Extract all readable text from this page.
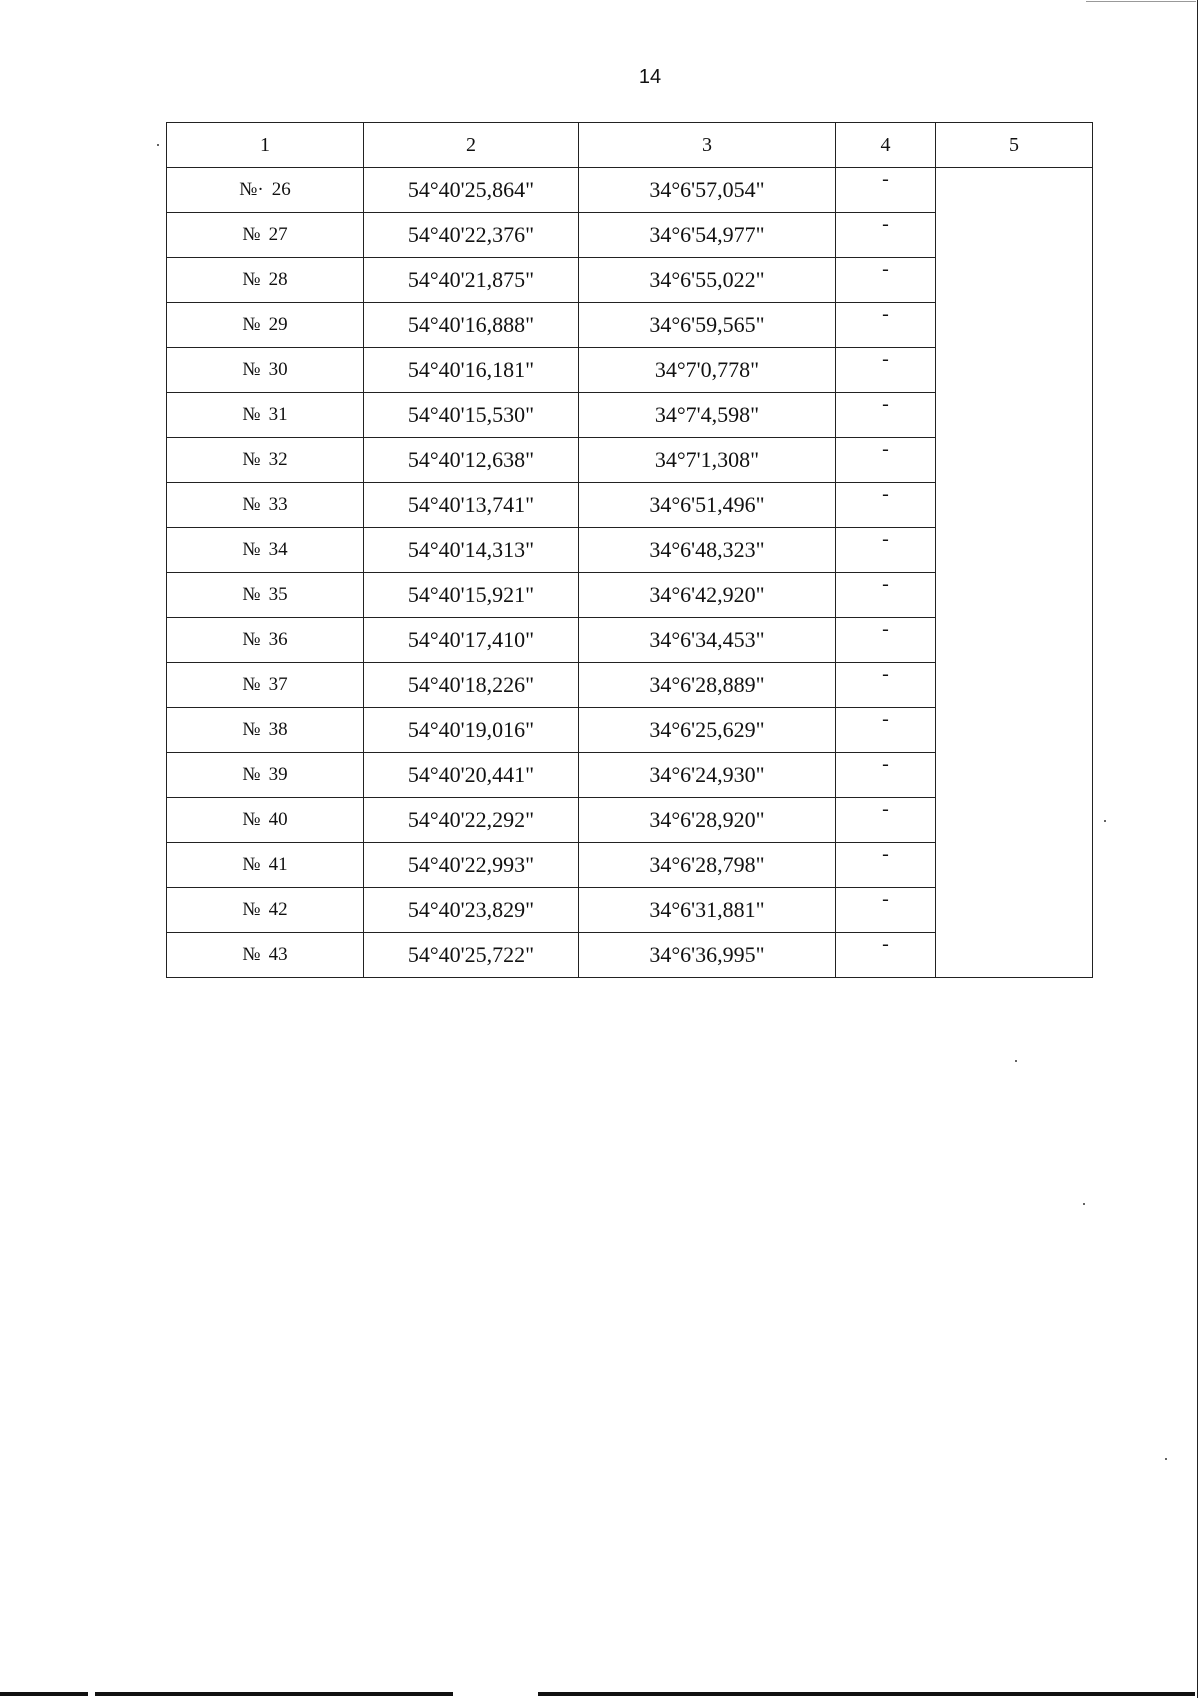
14
1	2	3	4	5
№· 26	54°40'25,864"	34°6'57,054"	-	
№ 27	54°40'22,376"	34°6'54,977"	-	
№ 28	54°40'21,875"	34°6'55,022"	-	
№ 29	54°40'16,888"	34°6'59,565"	-	
№ 30	54°40'16,181"	34°7'0,778"	-	
№ 31	54°40'15,530"	34°7'4,598"	-	
№ 32	54°40'12,638"	34°7'1,308"	-	
№ 33	54°40'13,741"	34°6'51,496"	-	
№ 34	54°40'14,313"	34°6'48,323"	-	
№ 35	54°40'15,921"	34°6'42,920"	-	
№ 36	54°40'17,410"	34°6'34,453"	-	
№ 37	54°40'18,226"	34°6'28,889"	-	
№ 38	54°40'19,016"	34°6'25,629"	-	
№ 39	54°40'20,441"	34°6'24,930"	-	
№ 40	54°40'22,292"	34°6'28,920"	-	
№ 41	54°40'22,993"	34°6'28,798"	-	
№ 42	54°40'23,829"	34°6'31,881"	-	
№ 43	54°40'25,722"	34°6'36,995"	-	
